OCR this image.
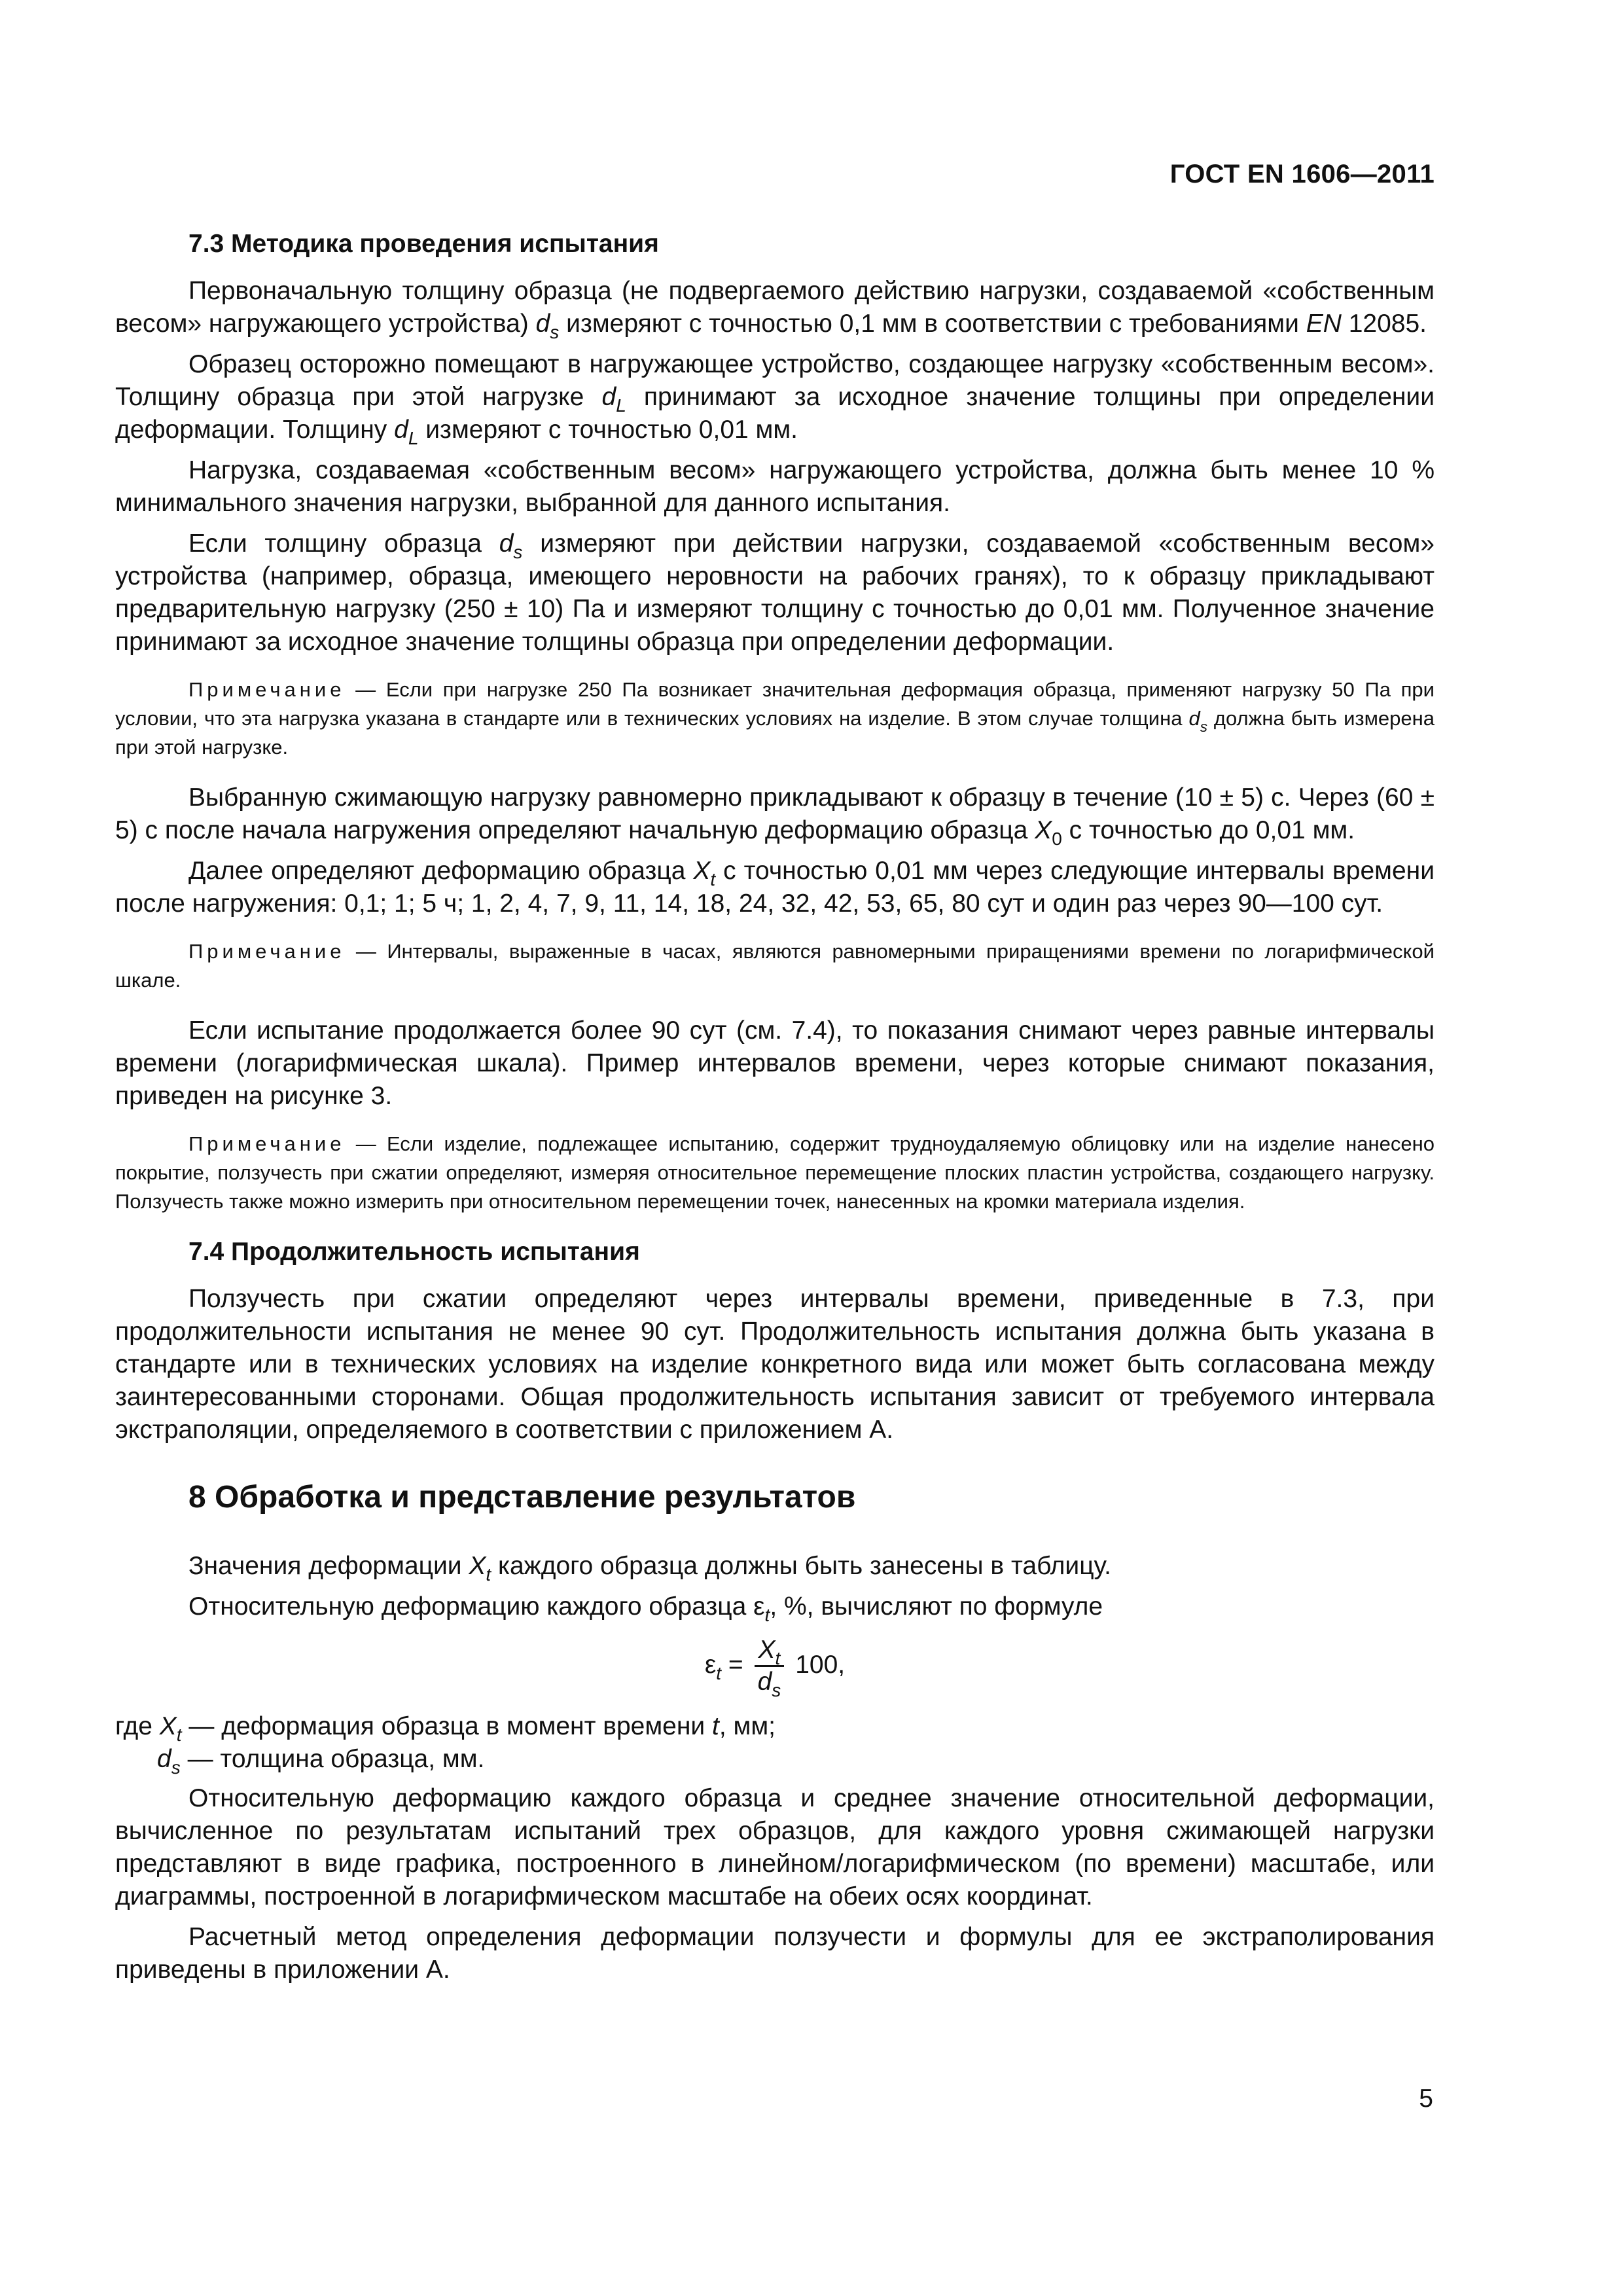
ГОСТ EN 1606—2011
7.3 Методика проведения испытания

Первоначальную толщину образца (не подвергаемого действию нагрузки, создаваемой «собственным весом» нагружающего устройства) $d_s$ измеряют с точностью 0,1 мм в соответствии с требованиями EN 12085.

Образец осторожно помещают в нагружающее устройство, создающее нагрузку «собственным весом». Толщину образца при этой нагрузке $d_L$ принимают за исходное значение толщины при определении деформации. Толщину $d_L$ измеряют с точностью 0,01 мм.

Нагрузка, создаваемая «собственным весом» нагружающего устройства, должна быть менее 10 % минимального значения нагрузки, выбранной для данного испытания.

Если толщину образца $d_s$ измеряют при действии нагрузки, создаваемой «собственным весом» устройства (например, образца, имеющего неровности на рабочих гранях), то к образцу прикладывают предварительную нагрузку (250 ± 10) Па и измеряют толщину с точностью до 0,01 мм. Полученное значение принимают за исходное значение толщины образца при определении деформации.

Примечание — Если при нагрузке 250 Па возникает значительная деформация образца, применяют нагрузку 50 Па при условии, что эта нагрузка указана в стандарте или в технических условиях на изделие. В этом случае толщина $d_s$ должна быть измерена при этой нагрузке.

Выбранную сжимающую нагрузку равномерно прикладывают к образцу в течение (10 ± 5) с. Через (60 ± 5) с после начала нагружения определяют начальную деформацию образца $X_0$ с точностью до 0,01 мм.

Далее определяют деформацию образца $X_t$ с точностью 0,01 мм через следующие интервалы времени после нагружения: 0,1; 1; 5 ч; 1, 2, 4, 7, 9, 11, 14, 18, 24, 32, 42, 53, 65, 80 сут и один раз через 90—100 сут.

Примечание — Интервалы, выраженные в часах, являются равномерными приращениями времени по логарифмической шкале.

Если испытание продолжается более 90 сут (см. 7.4), то показания снимают через равные интервалы времени (логарифмическая шкала). Пример интервалов времени, через которые снимают показания, приведен на рисунке 3.

Примечание — Если изделие, подлежащее испытанию, содержит трудноудаляемую облицовку или на изделие нанесено покрытие, ползучесть при сжатии определяют, измеряя относительное перемещение плоских пластин устройства, создающего нагрузку. Ползучесть также можно измерить при относительном перемещении точек, нанесенных на кромки материала изделия.

7.4 Продолжительность испытания

Ползучесть при сжатии определяют через интервалы времени, приведенные в 7.3, при продолжительности испытания не менее 90 сут. Продолжительность испытания должна быть указана в стандарте или в технических условиях на изделие конкретного вида или может быть согласована между заинтересованными сторонами. Общая продолжительность испытания зависит от требуемого интервала экстраполяции, определяемого в соответствии с приложением А.

8 Обработка и представление результатов

Значения деформации $X_t$ каждого образца должны быть занесены в таблицу.

Относительную деформацию каждого образца $\varepsilon_t$, %, вычисляют по формуле

$\varepsilon_t = \frac{X_t}{d_s} 100$,

где $X_t$ — деформация образца в момент времени t, мм;

$d_s$ — толщина образца, мм.

Относительную деформацию каждого образца и среднее значение относительной деформации, вычисленное по результатам испытаний трех образцов, для каждого уровня сжимающей нагрузки представляют в виде графика, построенного в линейном/логарифмическом (по времени) масштабе, или диаграммы, построенной в логарифмическом масштабе на обеих осях координат.

Расчетный метод определения деформации ползучести и формулы для ее экстраполирования приведены в приложении А.

5
